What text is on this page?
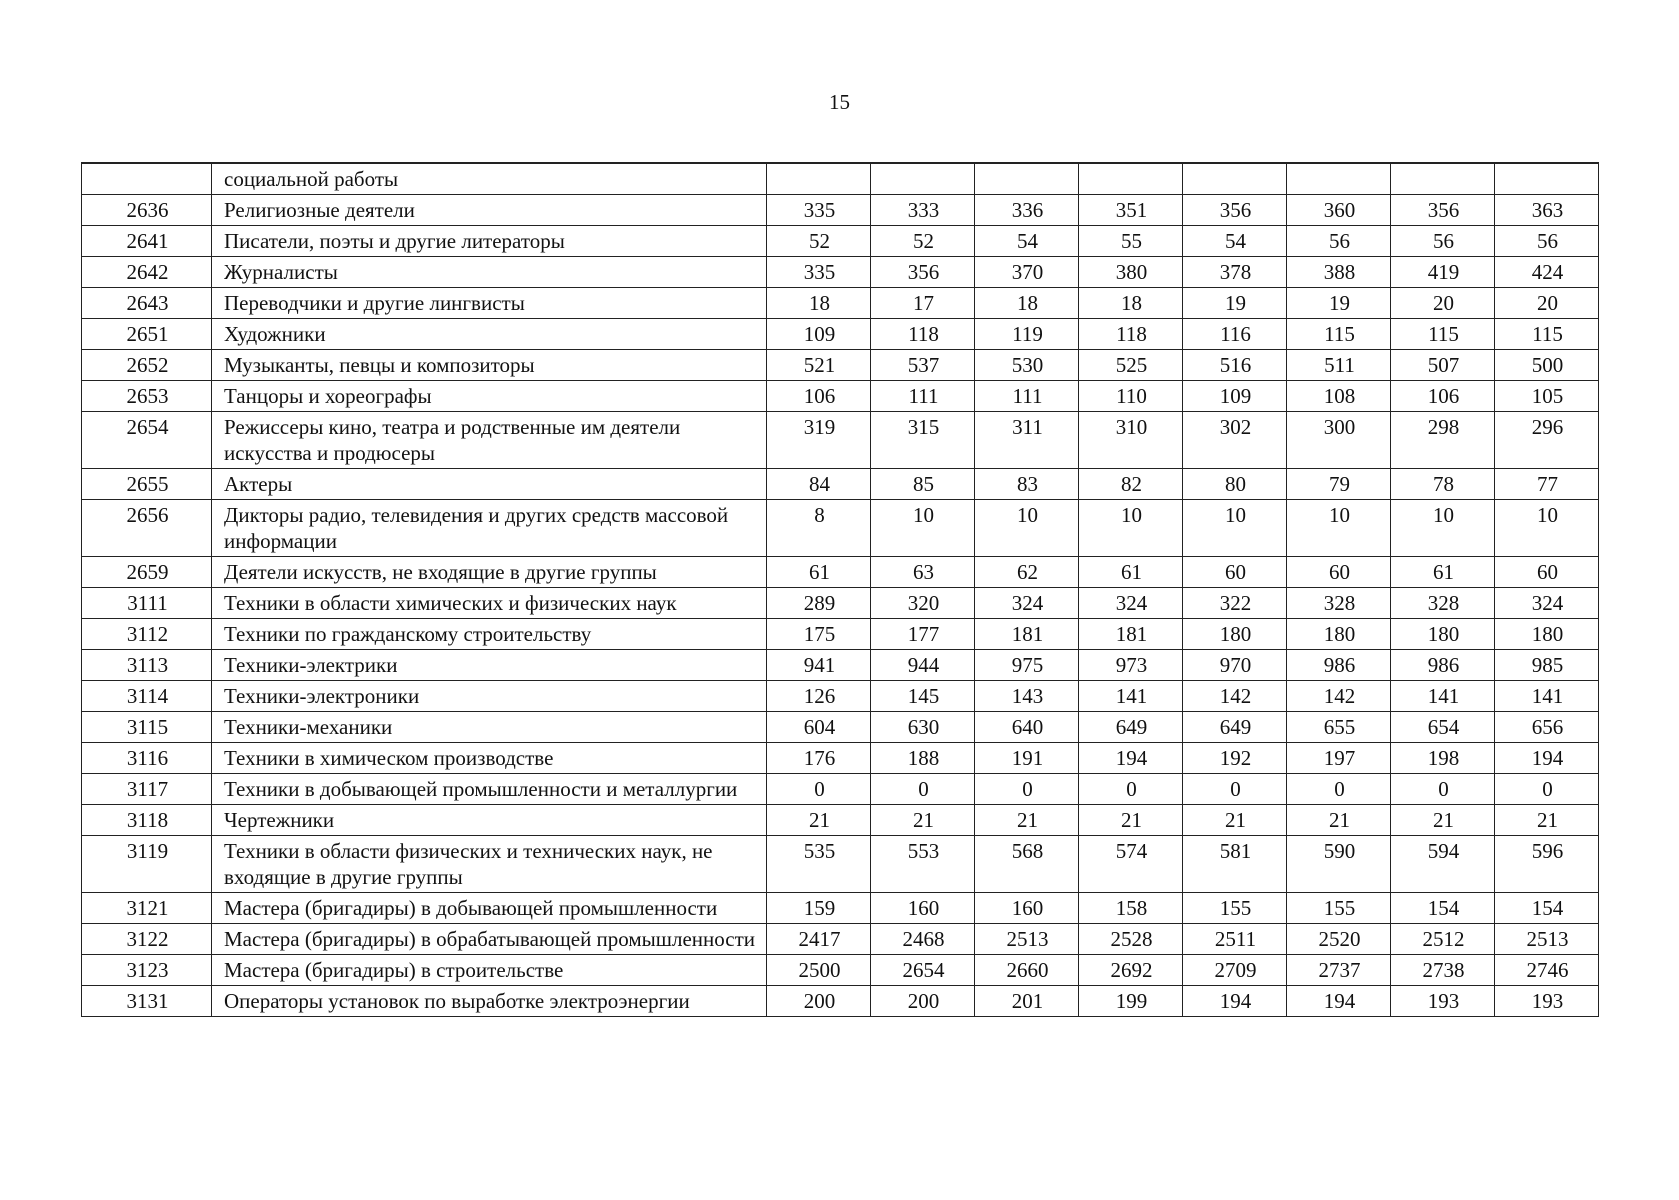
15
	социальной работы								
2636	Религиозные деятели	335	333	336	351	356	360	356	363
2641	Писатели, поэты и другие литераторы	52	52	54	55	54	56	56	56
2642	Журналисты	335	356	370	380	378	388	419	424
2643	Переводчики и другие лингвисты	18	17	18	18	19	19	20	20
2651	Художники	109	118	119	118	116	115	115	115
2652	Музыканты, певцы и композиторы	521	537	530	525	516	511	507	500
2653	Танцоры и хореографы	106	111	111	110	109	108	106	105
2654	Режиссеры кино, театра и родственные им деятели искусства и продюсеры	319	315	311	310	302	300	298	296
2655	Актеры	84	85	83	82	80	79	78	77
2656	Дикторы радио, телевидения и других средств массовой информации	8	10	10	10	10	10	10	10
2659	Деятели искусств, не входящие в другие группы	61	63	62	61	60	60	61	60
3111	Техники в области химических и физических наук	289	320	324	324	322	328	328	324
3112	Техники по гражданскому строительству	175	177	181	181	180	180	180	180
3113	Техники-электрики	941	944	975	973	970	986	986	985
3114	Техники-электроники	126	145	143	141	142	142	141	141
3115	Техники-механики	604	630	640	649	649	655	654	656
3116	Техники в химическом производстве	176	188	191	194	192	197	198	194
3117	Техники в добывающей промышленности и металлургии	0	0	0	0	0	0	0	0
3118	Чертежники	21	21	21	21	21	21	21	21
3119	Техники в области физических и технических наук, не входящие в другие группы	535	553	568	574	581	590	594	596
3121	Мастера (бригадиры) в добывающей промышленности	159	160	160	158	155	155	154	154
3122	Мастера (бригадиры) в обрабатывающей промышленности	2417	2468	2513	2528	2511	2520	2512	2513
3123	Мастера (бригадиры) в строительстве	2500	2654	2660	2692	2709	2737	2738	2746
3131	Операторы установок по выработке электроэнергии	200	200	201	199	194	194	193	193
